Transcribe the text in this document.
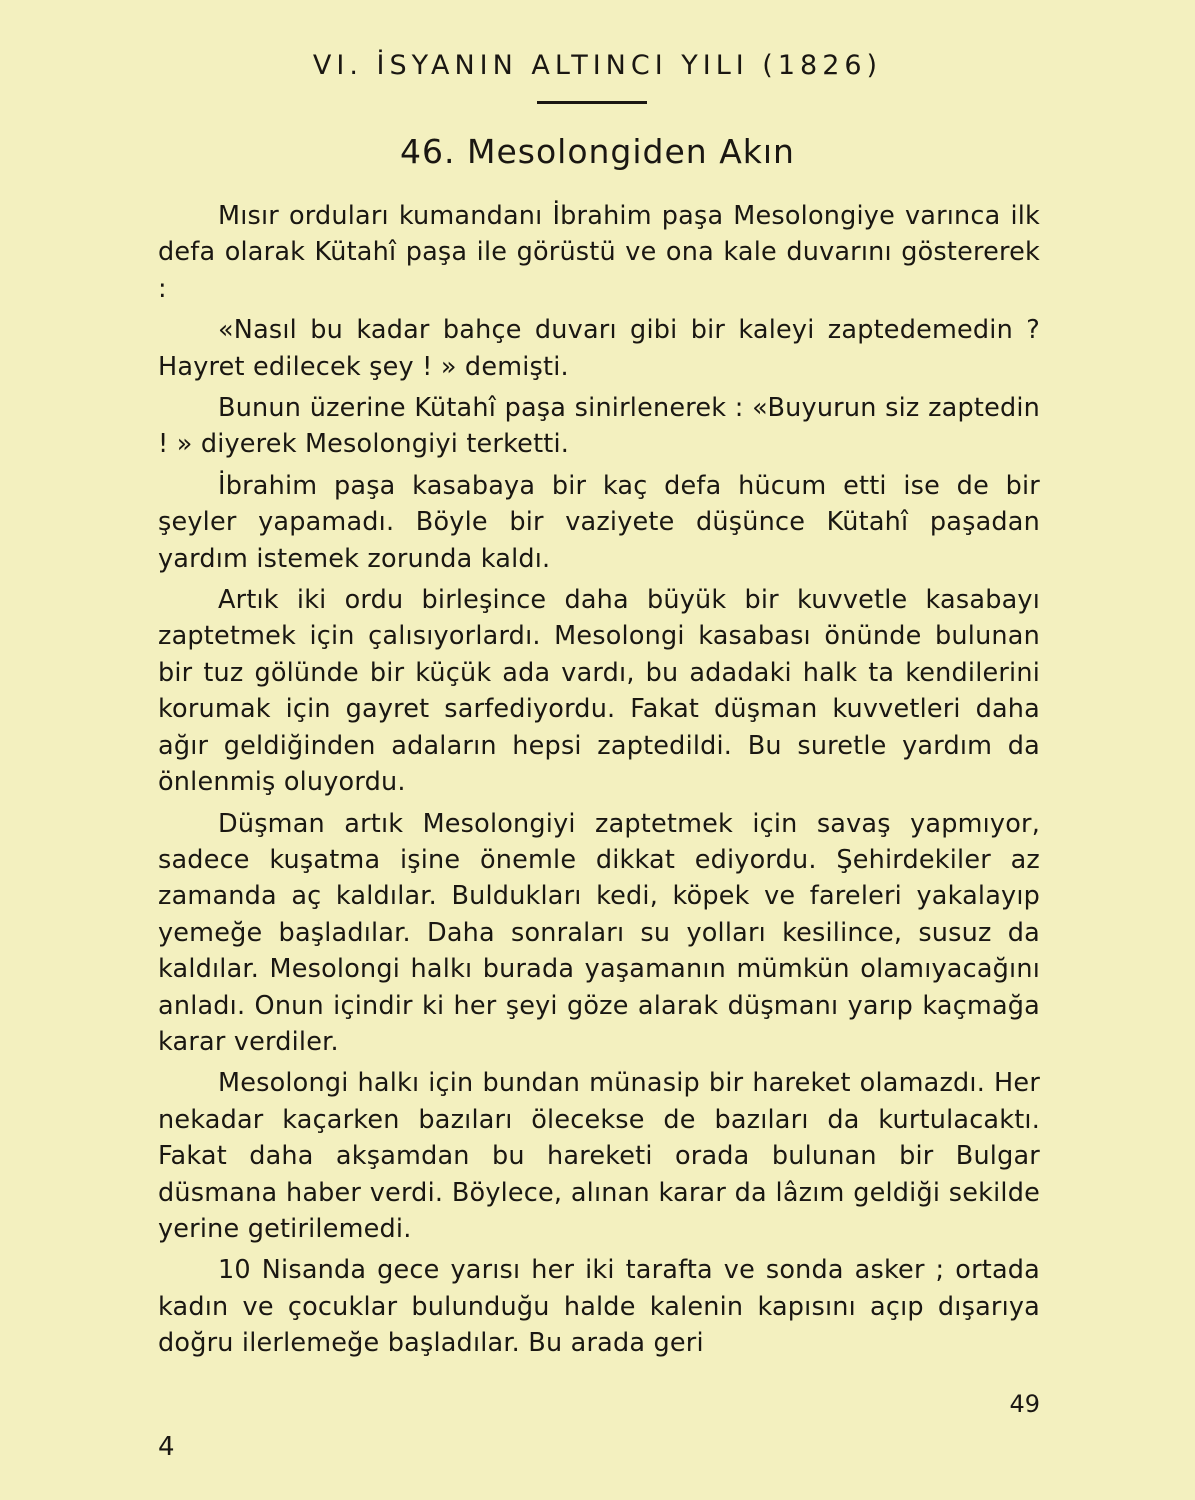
VI. İSYANIN ALTINCI YILI (1826)
46. Mesolongiden Akın

Mısır orduları kumandanı İbrahim paşa Mesolongiye varınca ilk defa olarak Kütahî paşa ile görüstü ve ona kale duvarını göstererek :

«Nasıl bu kadar bahçe duvarı gibi bir kaleyi zaptedemedin ? Hayret edilecek şey ! » demişti.

Bunun üzerine Kütahî paşa sinirlenerek : «Buyurun siz zaptedin ! » diyerek Mesolongiyi terketti.

İbrahim paşa kasabaya bir kaç defa hücum etti ise de bir şeyler yapamadı. Böyle bir vaziyete düşünce Kütahî paşadan yardım istemek zorunda kaldı.

Artık iki ordu birleşince daha büyük bir kuvvetle kasabayı zaptetmek için çalısıyorlardı. Mesolongi kasabası önünde bulunan bir tuz gölünde bir küçük ada vardı, bu adadaki halk ta kendilerini korumak için gayret sarfediyordu. Fakat düşman kuvvetleri daha ağır geldiğinden adaların hepsi zaptedildi. Bu suretle yardım da önlenmiş oluyordu.

Düşman artık Mesolongiyi zaptetmek için savaş yapmıyor, sadece kuşatma işine önemle dikkat ediyordu. Şehirdekiler az zamanda aç kaldılar. Buldukları kedi, köpek ve fareleri yakalayıp yemeğe başladılar. Daha sonraları su yolları kesilince, susuz da kaldılar. Mesolongi halkı burada yaşamanın mümkün olamıyacağını anladı. Onun içindir ki her şeyi göze alarak düşmanı yarıp kaçmağa karar verdiler.

Mesolongi halkı için bundan münasip bir hareket olamazdı. Her nekadar kaçarken bazıları ölecekse de bazıları da kurtulacaktı. Fakat daha akşamdan bu hareketi orada bulunan bir Bulgar düsmana haber verdi. Böylece, alınan karar da lâzım geldiği sekilde yerine getirilemedi.

10 Nisanda gece yarısı her iki tarafta ve sonda asker ; ortada kadın ve çocuklar bulunduğu halde kalenin kapısını açıp dışarıya doğru ilerlemeğe başladılar. Bu arada geri

49
4
